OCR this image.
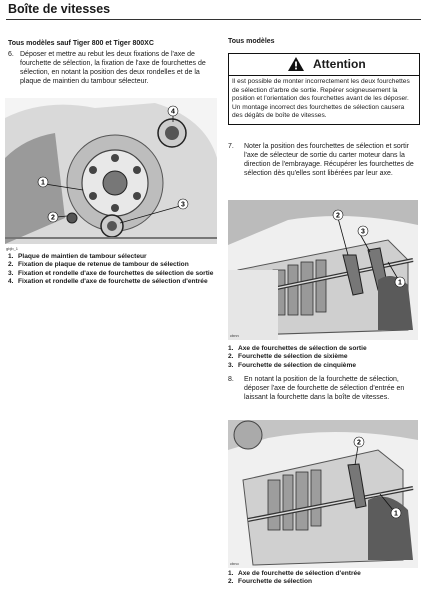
Boîte de vitesses
Tous modèles sauf Tiger 800 et Tiger 800XC
6. Déposer et mettre au rebut les deux fixations de l'axe de fourchette de sélection, la fixation de l'axe de fourchettes de sélection, en notant la position des deux rondelles et de la plaque de maintien du tambour sélecteur.
1
2
3
4
gbjb_1
1. Plaque de maintien de tambour sélecteur
2. Fixation de plaque de retenue de tambour de sélection
3. Fixation et rondelle d'axe de fourchettes de sélection de sortie
4. Fixation et rondelle d'axe de fourchette de sélection d'entrée
Tous modèles
Attention
Il est possible de monter incorrectement les deux fourchettes de sélection d'arbre de sortie. Repérer soigneusement la position et l'orientation des fourchettes avant de les déposer. Un montage incorrect des fourchettes de sélection causera des dégâts de boîte de vitesses.
7. Noter la position des fourchettes de sélection et sortir l'axe de sélecteur de sortie du carter moteur dans la direction de l'embrayage. Récupérer les fourchettes de sélection dès qu'elles sont libérées par leur axe.
2
3
1
cbnn
1. Axe de fourchettes de sélection de sortie
2. Fourchette de sélection de sixième
3. Fourchette de sélection de cinquième
8. En notant la position de la fourchette de sélection, déposer l'axe de fourchette de sélection d'entrée en laissant la fourchette dans la boîte de vitesses.
2
1
cbno
1. Axe de fourchette de sélection d'entrée
2. Fourchette de sélection
